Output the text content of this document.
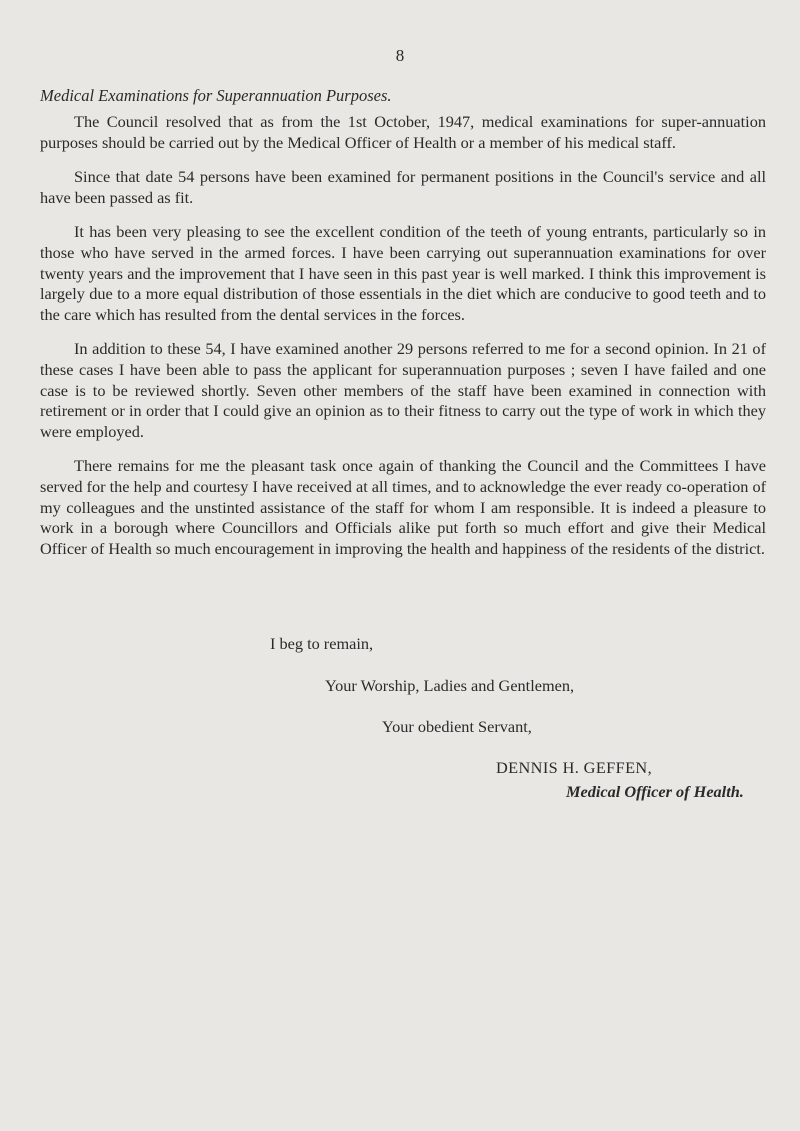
8
Medical Examinations for Superannuation Purposes.

The Council resolved that as from the 1st October, 1947, medical examinations for super-annuation purposes should be carried out by the Medical Officer of Health or a member of his medical staff.

Since that date 54 persons have been examined for permanent positions in the Council's service and all have been passed as fit.

It has been very pleasing to see the excellent condition of the teeth of young entrants, particularly so in those who have served in the armed forces. I have been carrying out superannuation examinations for over twenty years and the improvement that I have seen in this past year is well marked. I think this improvement is largely due to a more equal distribution of those essentials in the diet which are conducive to good teeth and to the care which has resulted from the dental services in the forces.

In addition to these 54, I have examined another 29 persons referred to me for a second opinion. In 21 of these cases I have been able to pass the applicant for superannuation purposes ; seven I have failed and one case is to be reviewed shortly. Seven other members of the staff have been examined in connection with retirement or in order that I could give an opinion as to their fitness to carry out the type of work in which they were employed.

There remains for me the pleasant task once again of thanking the Council and the Committees I have served for the help and courtesy I have received at all times, and to acknowledge the ever ready co-operation of my colleagues and the unstinted assistance of the staff for whom I am responsible. It is indeed a pleasure to work in a borough where Councillors and Officials alike put forth so much effort and give their Medical Officer of Health so much encouragement in improving the health and happiness of the residents of the district.

I beg to remain,
Your Worship, Ladies and Gentlemen,
Your obedient Servant,
DENNIS H. GEFFEN,
Medical Officer of Health.
